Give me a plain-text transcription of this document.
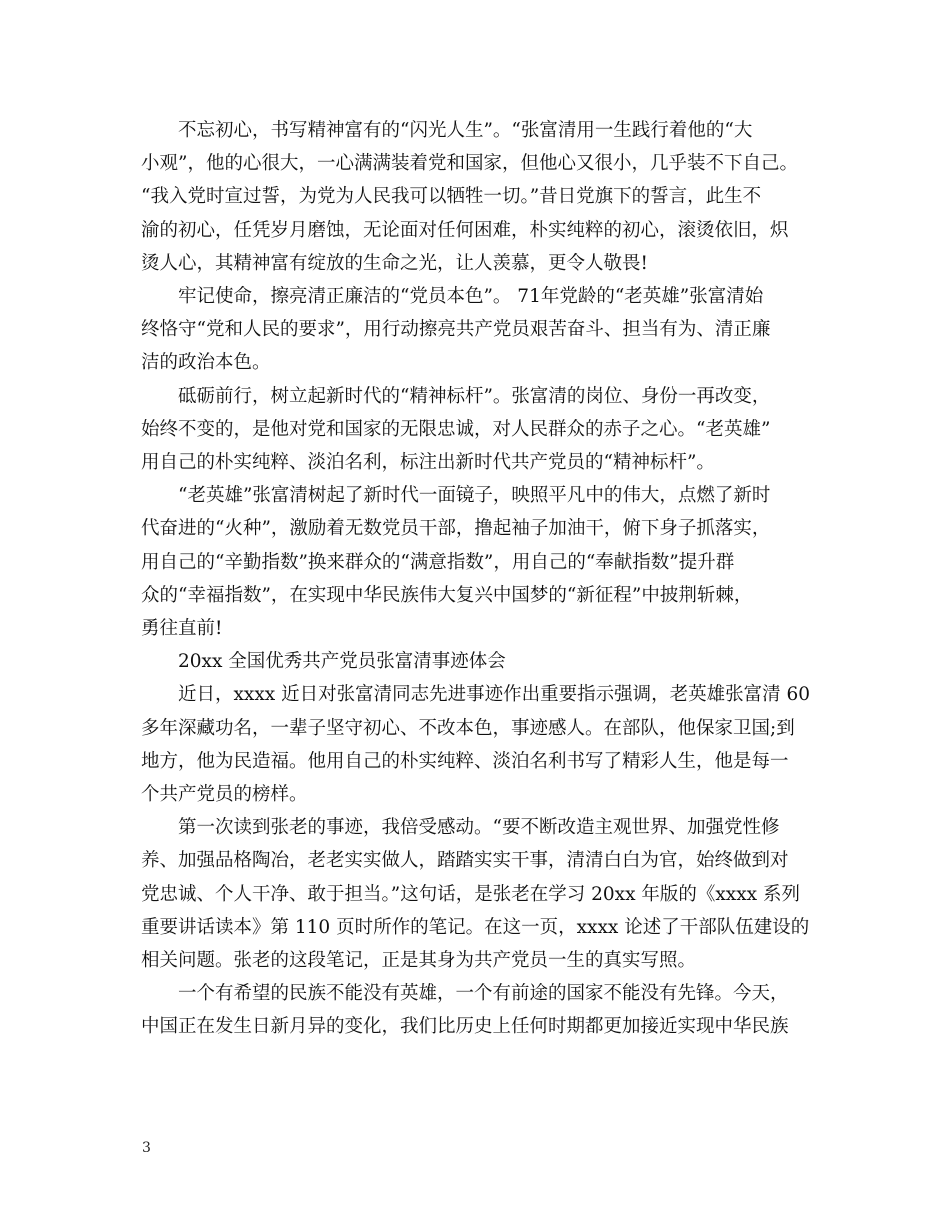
不忘初心，书写精神富有的“闪光人生”。“张富清用一生践行着他的“大
小观”，他的心很大，一心满满装着党和国家，但他心又很小，几乎装不下自己。
“我入党时宣过誓，为党为人民我可以牺牲一切。”昔日党旗下的誓言，此生不
渝的初心，任凭岁月磨蚀，无论面对任何困难，朴实纯粹的初心，滚烫依旧，炽
烫人心，其精神富有绽放的生命之光，让人羡慕，更令人敬畏!
牢记使命，擦亮清正廉洁的“党员本色”。 71年党龄的“老英雄”张富清始
终恪守“党和人民的要求”，用行动擦亮共产党员艰苦奋斗、担当有为、清正廉
洁的政治本色。
砥砺前行，树立起新时代的“精神标杆”。张富清的岗位、身份一再改变，
始终不变的，是他对党和国家的无限忠诚，对人民群众的赤子之心。“老英雄”
用自己的朴实纯粹、淡泊名利，标注出新时代共产党员的“精神标杆”。
“老英雄”张富清树起了新时代一面镜子，映照平凡中的伟大，点燃了新时
代奋进的“火种”，激励着无数党员干部，撸起袖子加油干，俯下身子抓落实，
用自己的“辛勤指数”换来群众的“满意指数”，用自己的“奉献指数”提升群
众的“幸福指数”，在实现中华民族伟大复兴中国梦的“新征程”中披荆斩棘，
勇往直前!
20xx 全国优秀共产党员张富清事迹体会
近日，xxxx 近日对张富清同志先进事迹作出重要指示强调，老英雄张富清 60
多年深藏功名，一辈子坚守初心、不改本色，事迹感人。在部队，他保家卫国;到
地方，他为民造福。他用自己的朴实纯粹、淡泊名利书写了精彩人生，他是每一
个共产党员的榜样。
第一次读到张老的事迹，我倍受感动。“要不断改造主观世界、加强党性修
养、加强品格陶冶，老老实实做人，踏踏实实干事，清清白白为官，始终做到对
党忠诚、个人干净、敢于担当。”这句话，是张老在学习 20xx 年版的《xxxx 系列
重要讲话读本》第 110 页时所作的笔记。在这一页，xxxx 论述了干部队伍建设的
相关问题。张老的这段笔记，正是其身为共产党员一生的真实写照。
一个有希望的民族不能没有英雄，一个有前途的国家不能没有先锋。今天，
中国正在发生日新月异的变化，我们比历史上任何时期都更加接近实现中华民族
3
